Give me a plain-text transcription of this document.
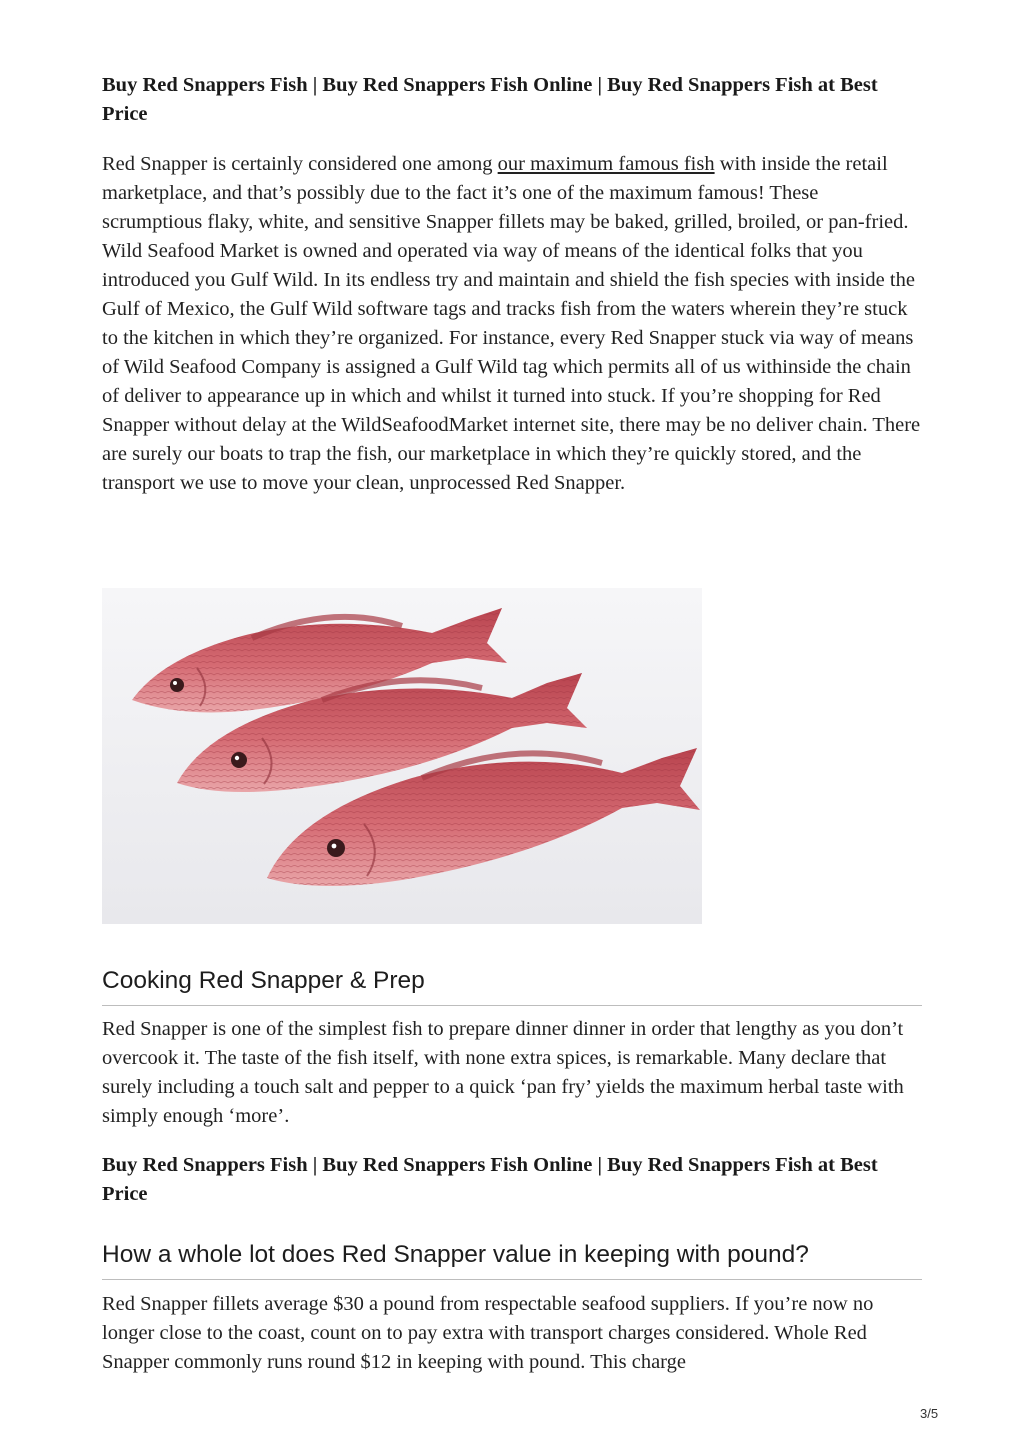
Buy Red Snappers Fish | Buy Red Snappers Fish Online | Buy Red Snappers Fish at Best Price

Red Snapper is certainly considered one among our maximum famous fish with inside the retail marketplace, and that’s possibly due to the fact it’s one of the maximum famous! These scrumptious flaky, white, and sensitive Snapper fillets may be baked, grilled, broiled, or pan-fried. Wild Seafood Market is owned and operated via way of means of the identical folks that you introduced you Gulf Wild. In its endless try and maintain and shield the fish species with inside the Gulf of Mexico, the Gulf Wild software tags and tracks fish from the waters wherein they’re stuck to the kitchen in which they’re organized. For instance, every Red Snapper stuck via way of means of Wild Seafood Company is assigned a Gulf Wild tag which permits all of us withinside the chain of deliver to appearance up in which and whilst it turned into stuck. If you’re shopping for Red Snapper without delay at the WildSeafoodMarket internet site, there may be no deliver chain. There are surely our boats to trap the fish, our marketplace in which they’re quickly stored, and the transport we use to move your clean, unprocessed Red Snapper.

Cooking Red Snapper & Prep

Red Snapper is one of the simplest fish to prepare dinner dinner in order that lengthy as you don’t overcook it. The taste of the fish itself, with none extra spices, is remarkable. Many declare that surely including a touch salt and pepper to a quick ‘pan fry’ yields the maximum herbal taste with simply enough ‘more’.

Buy Red Snappers Fish | Buy Red Snappers Fish Online | Buy Red Snappers Fish at Best Price

How a whole lot does Red Snapper value in keeping with pound?

Red Snapper fillets average $30 a pound from respectable seafood suppliers. If you’re now no longer close to the coast, count on to pay extra with transport charges considered. Whole Red Snapper commonly runs round $12 in keeping with pound. This charge

3/5
